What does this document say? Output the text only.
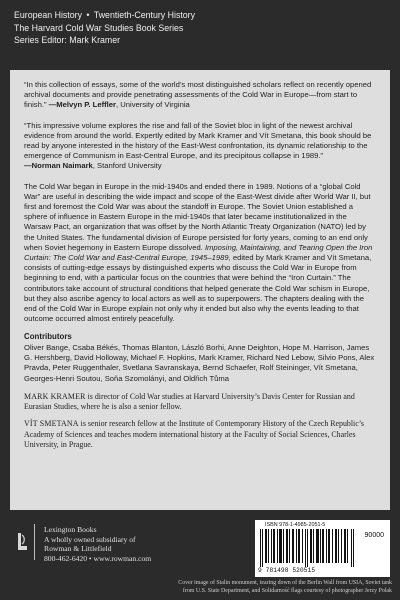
European History • Twentieth-Century History
The Harvard Cold War Studies Book Series
Series Editor: Mark Kramer

“In this collection of essays, some of the world’s most distinguished scholars reflect on recently opened archival documents and provide penetrating assessments of the Cold War in Europe—from start to finish.” —Melvyn P. Leffler, University of Virginia

“This impressive volume explores the rise and fall of the Soviet bloc in light of the newest archival evidence from around the world. Expertly edited by Mark Kramer and Vít Smetana, this book should be read by anyone interested in the history of the East-West confrontation, its dynamic relationship to the emergence of Communism in East-Central Europe, and its precipitous collapse in 1989.” —Norman Naimark, Stanford University

The Cold War began in Europe in the mid-1940s and ended there in 1989. Notions of a “global Cold War” are useful in describing the wide impact and scope of the East-West divide after World War II, but first and foremost the Cold War was about the standoff in Europe. The Soviet Union established a sphere of influence in Eastern Europe in the mid-1940s that later became institutionalized in the Warsaw Pact, an organization that was offset by the North Atlantic Treaty Organization (NATO) led by the United States. The fundamental division of Europe persisted for forty years, coming to an end only when Soviet hegemony in Eastern Europe dissolved. Imposing, Maintaining, and Tearing Open the Iron Curtain: The Cold War and East-Central Europe, 1945–1989, edited by Mark Kramer and Vít Smetana, consists of cutting-edge essays by distinguished experts who discuss the Cold War in Europe from beginning to end, with a particular focus on the countries that were behind the “Iron Curtain.” The contributors take account of structural conditions that helped generate the Cold War schism in Europe, but they also ascribe agency to local actors as well as to superpowers. The chapters dealing with the end of the Cold War in Europe explain not only why it ended but also why the events leading to that outcome occurred almost entirely peacefully.

Contributors

Oliver Bange, Csaba Békés, Thomas Blanton, László Borhi, Anne Deighton, Hope M. Harrison, James G. Hershberg, David Holloway, Michael F. Hopkins, Mark Kramer, Richard Ned Lebow, Silvio Pons, Alex Pravda, Peter Ruggenthaler, Svetlana Savranskaya, Bernd Schaefer, Rolf Steininger, Vít Smetana, Georges-Henri Soutou, Soňa Szomolányi, and Oldřich Tůma

MARK KRAMER is director of Cold War studies at Harvard University’s Davis Center for Russian and Eurasian Studies, where he is also a senior fellow.

VÍT SMETANA is senior research fellow at the Institute of Contemporary History of the Czech Republic’s Academy of Sciences and teaches modern international history at the Faculty of Social Sciences, Charles University, in Prague.

Lexington Books
A wholly owned subsidiary of
Rowman & Littlefield
800-462-6420 • www.rowman.com
ISBN 978-1-4985-2051-5
90000
9 781498 520515
Cover image of Stalin monument, tearing down of the Berlin Wall from USIA, Soviet tank
from U.S. State Department, and Solidarność flags courtesy of photographer Jerzy Polak
